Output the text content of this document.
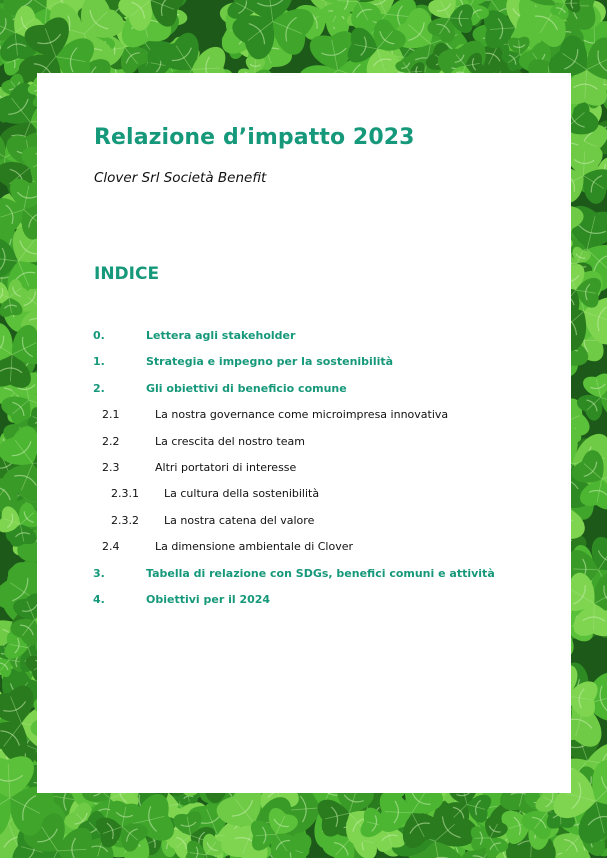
Relazione d’impatto 2023
Clover Srl Società Benefit
INDICE
0.	Lettera agli stakeholder
1.	Strategia e impegno per la sostenibilità
2.	Gli obiettivi di beneficio comune
2.1	La nostra governance come microimpresa innovativa
2.2	La crescita del nostro team
2.3	Altri portatori di interesse
2.3.1 La cultura della sostenibilità
2.3.2 La nostra catena del valore
2.4	La dimensione ambientale di Clover
3.	Tabella di relazione con SDGs, benefici comuni e attività
4.	Obiettivi per il 2024
